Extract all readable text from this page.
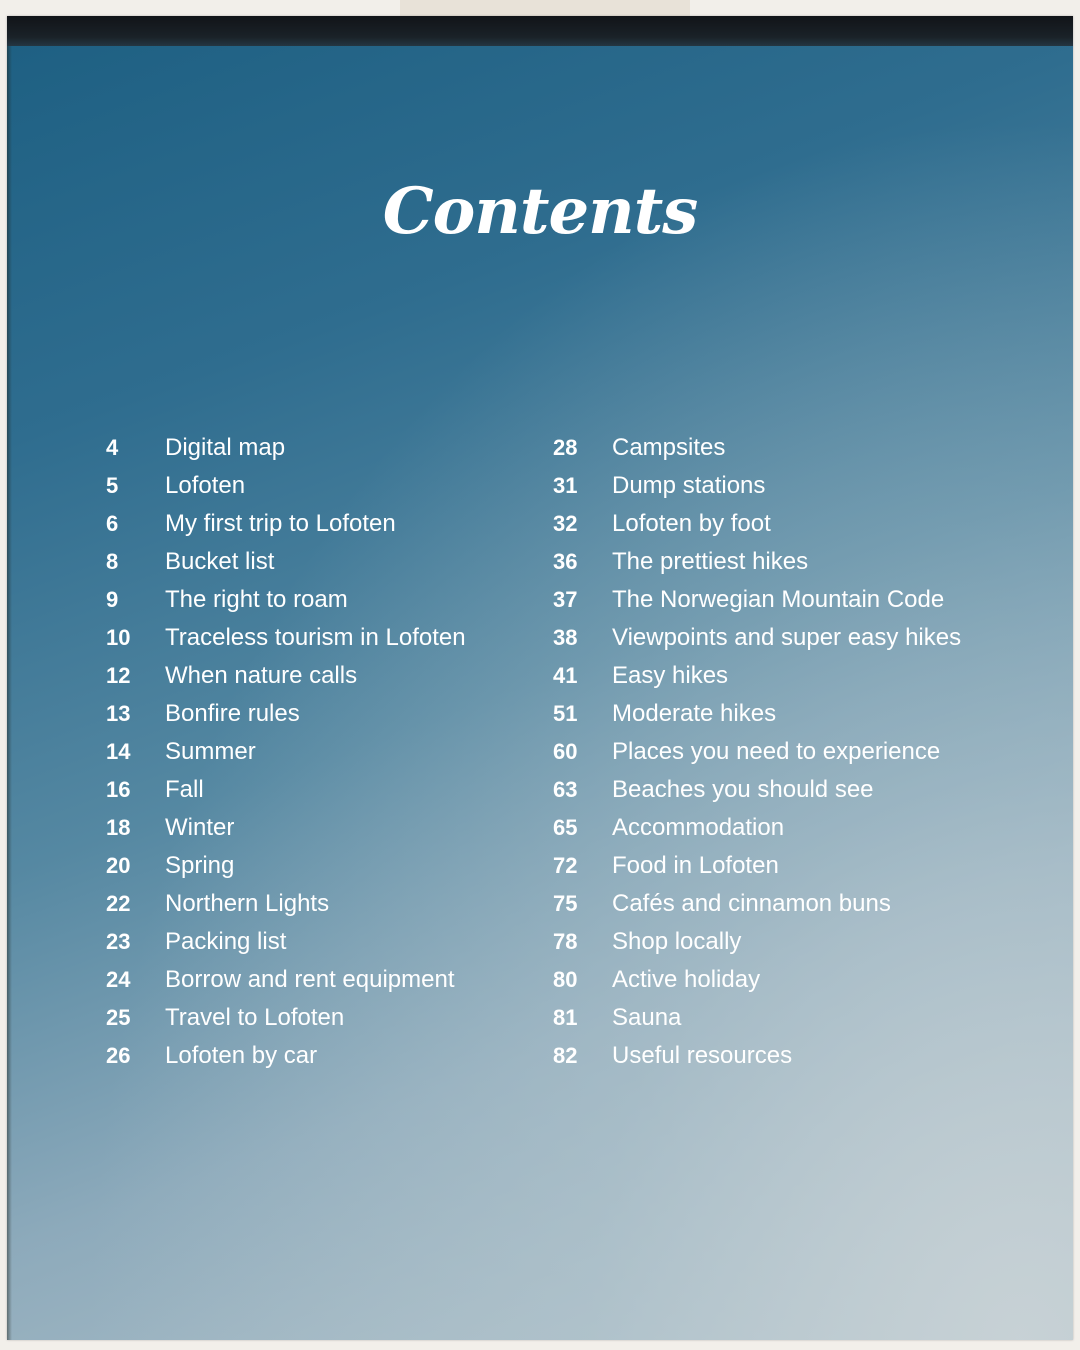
Contents
4	Digital map
5	Lofoten
6	My first trip to Lofoten
8	Bucket list
9	The right to roam
10	Traceless tourism in Lofoten
12	When nature calls
13	Bonfire rules
14	Summer
16	Fall
18	Winter
20	Spring
22	Northern Lights
23	Packing list
24	Borrow and rent equipment
25	Travel to Lofoten
26	Lofoten by car
28	Campsites
31	Dump stations
32	Lofoten by foot
36	The prettiest hikes
37	The Norwegian Mountain Code
38	Viewpoints and super easy hikes
41	Easy hikes
51	Moderate hikes
60	Places you need to experience
63	Beaches you should see
65	Accommodation
72	Food in Lofoten
75	Cafés and cinnamon buns
78	Shop locally
80	Active holiday
81	Sauna
82	Useful resources
